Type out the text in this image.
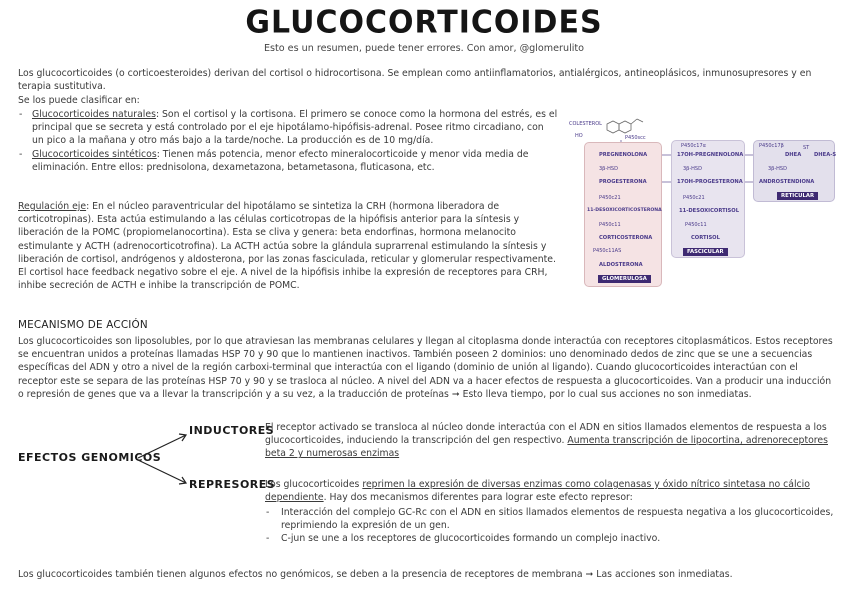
GLUCOCORTICOIDES
Esto es un resumen, puede tener errores. Con amor, @glomerulito
Los glucocorticoides (o corticoesteroides) derivan del cortisol o hidrocortisona. Se emplean como antiinflamatorios, antialérgicos, antineoplásicos, inmunosupresores y en terapia sustitutiva.
Se los puede clasificar en:
- Glucocorticoides naturales: Son el cortisol y la cortisona. El primero se conoce como la hormona del estrés, es el principal que se secreta y está controlado por el eje hipotálamo-hipófisis-adrenal. Posee ritmo circadiano, con un pico a la mañana y otro más bajo a la tarde/noche. La producción es de 10 mg/día.
- Glucocorticoides sintéticos: Tienen más potencia, menor efecto mineralocorticoide y menor vida media de eliminación. Entre ellos: prednisolona, dexametazona, betametasona, fluticasona, etc.
Regulación eje: En el núcleo paraventricular del hipotálamo se sintetiza la CRH (hormona liberadora de corticotropinas). Esta actúa estimulando a las células corticotropas de la hipófisis anterior para la síntesis y liberación de la POMC (propiomelanocortina). Esta se cliva y genera: beta endorfinas, hormona melanocito estimulante y ACTH (adrenocorticotrofina). La ACTH actúa sobre la glándula suprarrenal estimulando la síntesis y liberación de cortisol, andrógenos y aldosterona, por las zonas fasciculada, reticular y glomerular respectivamente. El cortisol hace feedback negativo sobre el eje. A nivel de la hipófisis inhibe la expresión de receptores para CRH, inhibe secreción de ACTH e inhibe la transcripción de POMC.
COLESTEROL
HO	P450scc
PREGNENOLONA
3β-HSD
PROGESTERONA
P450c21
11-DESOXICORTICOSTERONA
P450c11
CORTICOSTERONA
P450c11AS
ALDOSTERONA
GLOMERULOSA
P450c17α
17OH-PREGNENOLONA
3β-HSD
17OH-PROGESTERONA
P450c21
11-DESOXICORTISOL
P450c11
CORTISOL
FASCICULAR
P450c17β	ST
DHEA DHEA-S
3β-HSD
ANDROSTENDIONA
RETICULAR
MECANISMO DE ACCIÓN
Los glucocorticoides son liposolubles, por lo que atraviesan las membranas celulares y llegan al citoplasma donde interactúa con receptores citoplasmáticos. Estos receptores se encuentran unidos a proteínas llamadas HSP 70 y 90 que lo mantienen inactivos. También poseen 2 dominios: uno denominado dedos de zinc que se une a secuencias específicas del ADN y otro a nivel de la región carboxi-terminal que interactúa con el ligando (dominio de unión al ligando). Cuando glucocorticoides interactúan con el receptor este se separa de las proteínas HSP 70 y 90 y se trasloca al núcleo. A nivel del ADN va a hacer efectos de respuesta a glucocorticoides. Van a producir una inducción o represión de genes que va a llevar la transcripción y a su vez, a la traducción de proteínas ➞ Esto lleva tiempo, por lo cual sus acciones no son inmediatas.
EFECTOS GENOMICOS
INDUCTORES
El receptor activado se transloca al núcleo donde interactúa con el ADN en sitios llamados elementos de respuesta a los glucocorticoides, induciendo la transcripción del gen respectivo. Aumenta transcripción de lipocortina, adrenoreceptores beta 2 y numerosas enzimas
REPRESORES
Los glucocorticoides reprimen la expresión de diversas enzimas como colagenasas y óxido nítrico sintetasa no cálcio dependiente. Hay dos mecanismos diferentes para lograr este efecto represor:
- Interacción del complejo GC-Rc con el ADN en sitios llamados elementos de respuesta negativa a los glucocorticoides, reprimiendo la expresión de un gen.
- C-jun se une a los receptores de glucocorticoides formando un complejo inactivo.
Los glucocorticoides también tienen algunos efectos no genómicos, se deben a la presencia de receptores de membrana ➞ Las acciones son inmediatas.
